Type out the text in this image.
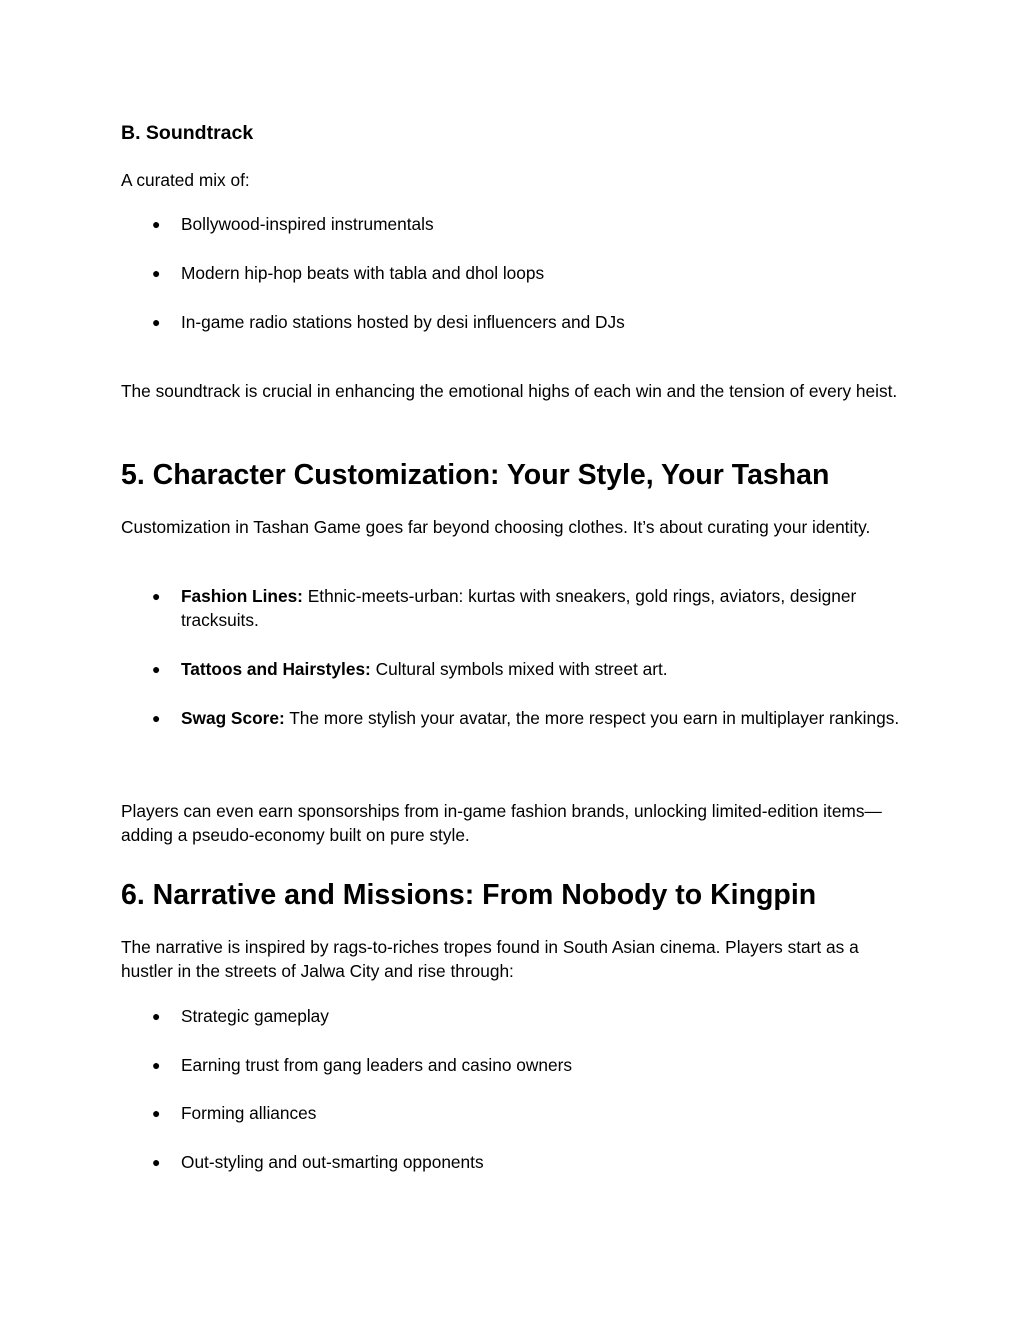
B. Soundtrack

A curated mix of:

● Bollywood-inspired instrumentals
● Modern hip-hop beats with tabla and dhol loops
● In-game radio stations hosted by desi influencers and DJs

The soundtrack is crucial in enhancing the emotional highs of each win and the tension of every heist.

5. Character Customization: Your Style, Your Tashan

Customization in Tashan Game goes far beyond choosing clothes. It’s about curating your identity.

● Fashion Lines: Ethnic-meets-urban: kurtas with sneakers, gold rings, aviators, designer tracksuits.
● Tattoos and Hairstyles: Cultural symbols mixed with street art.
● Swag Score: The more stylish your avatar, the more respect you earn in multiplayer rankings.

Players can even earn sponsorships from in-game fashion brands, unlocking limited-edition items—adding a pseudo-economy built on pure style.

6. Narrative and Missions: From Nobody to Kingpin

The narrative is inspired by rags-to-riches tropes found in South Asian cinema. Players start as a hustler in the streets of Jalwa City and rise through:

● Strategic gameplay
● Earning trust from gang leaders and casino owners
● Forming alliances
● Out-styling and out-smarting opponents
